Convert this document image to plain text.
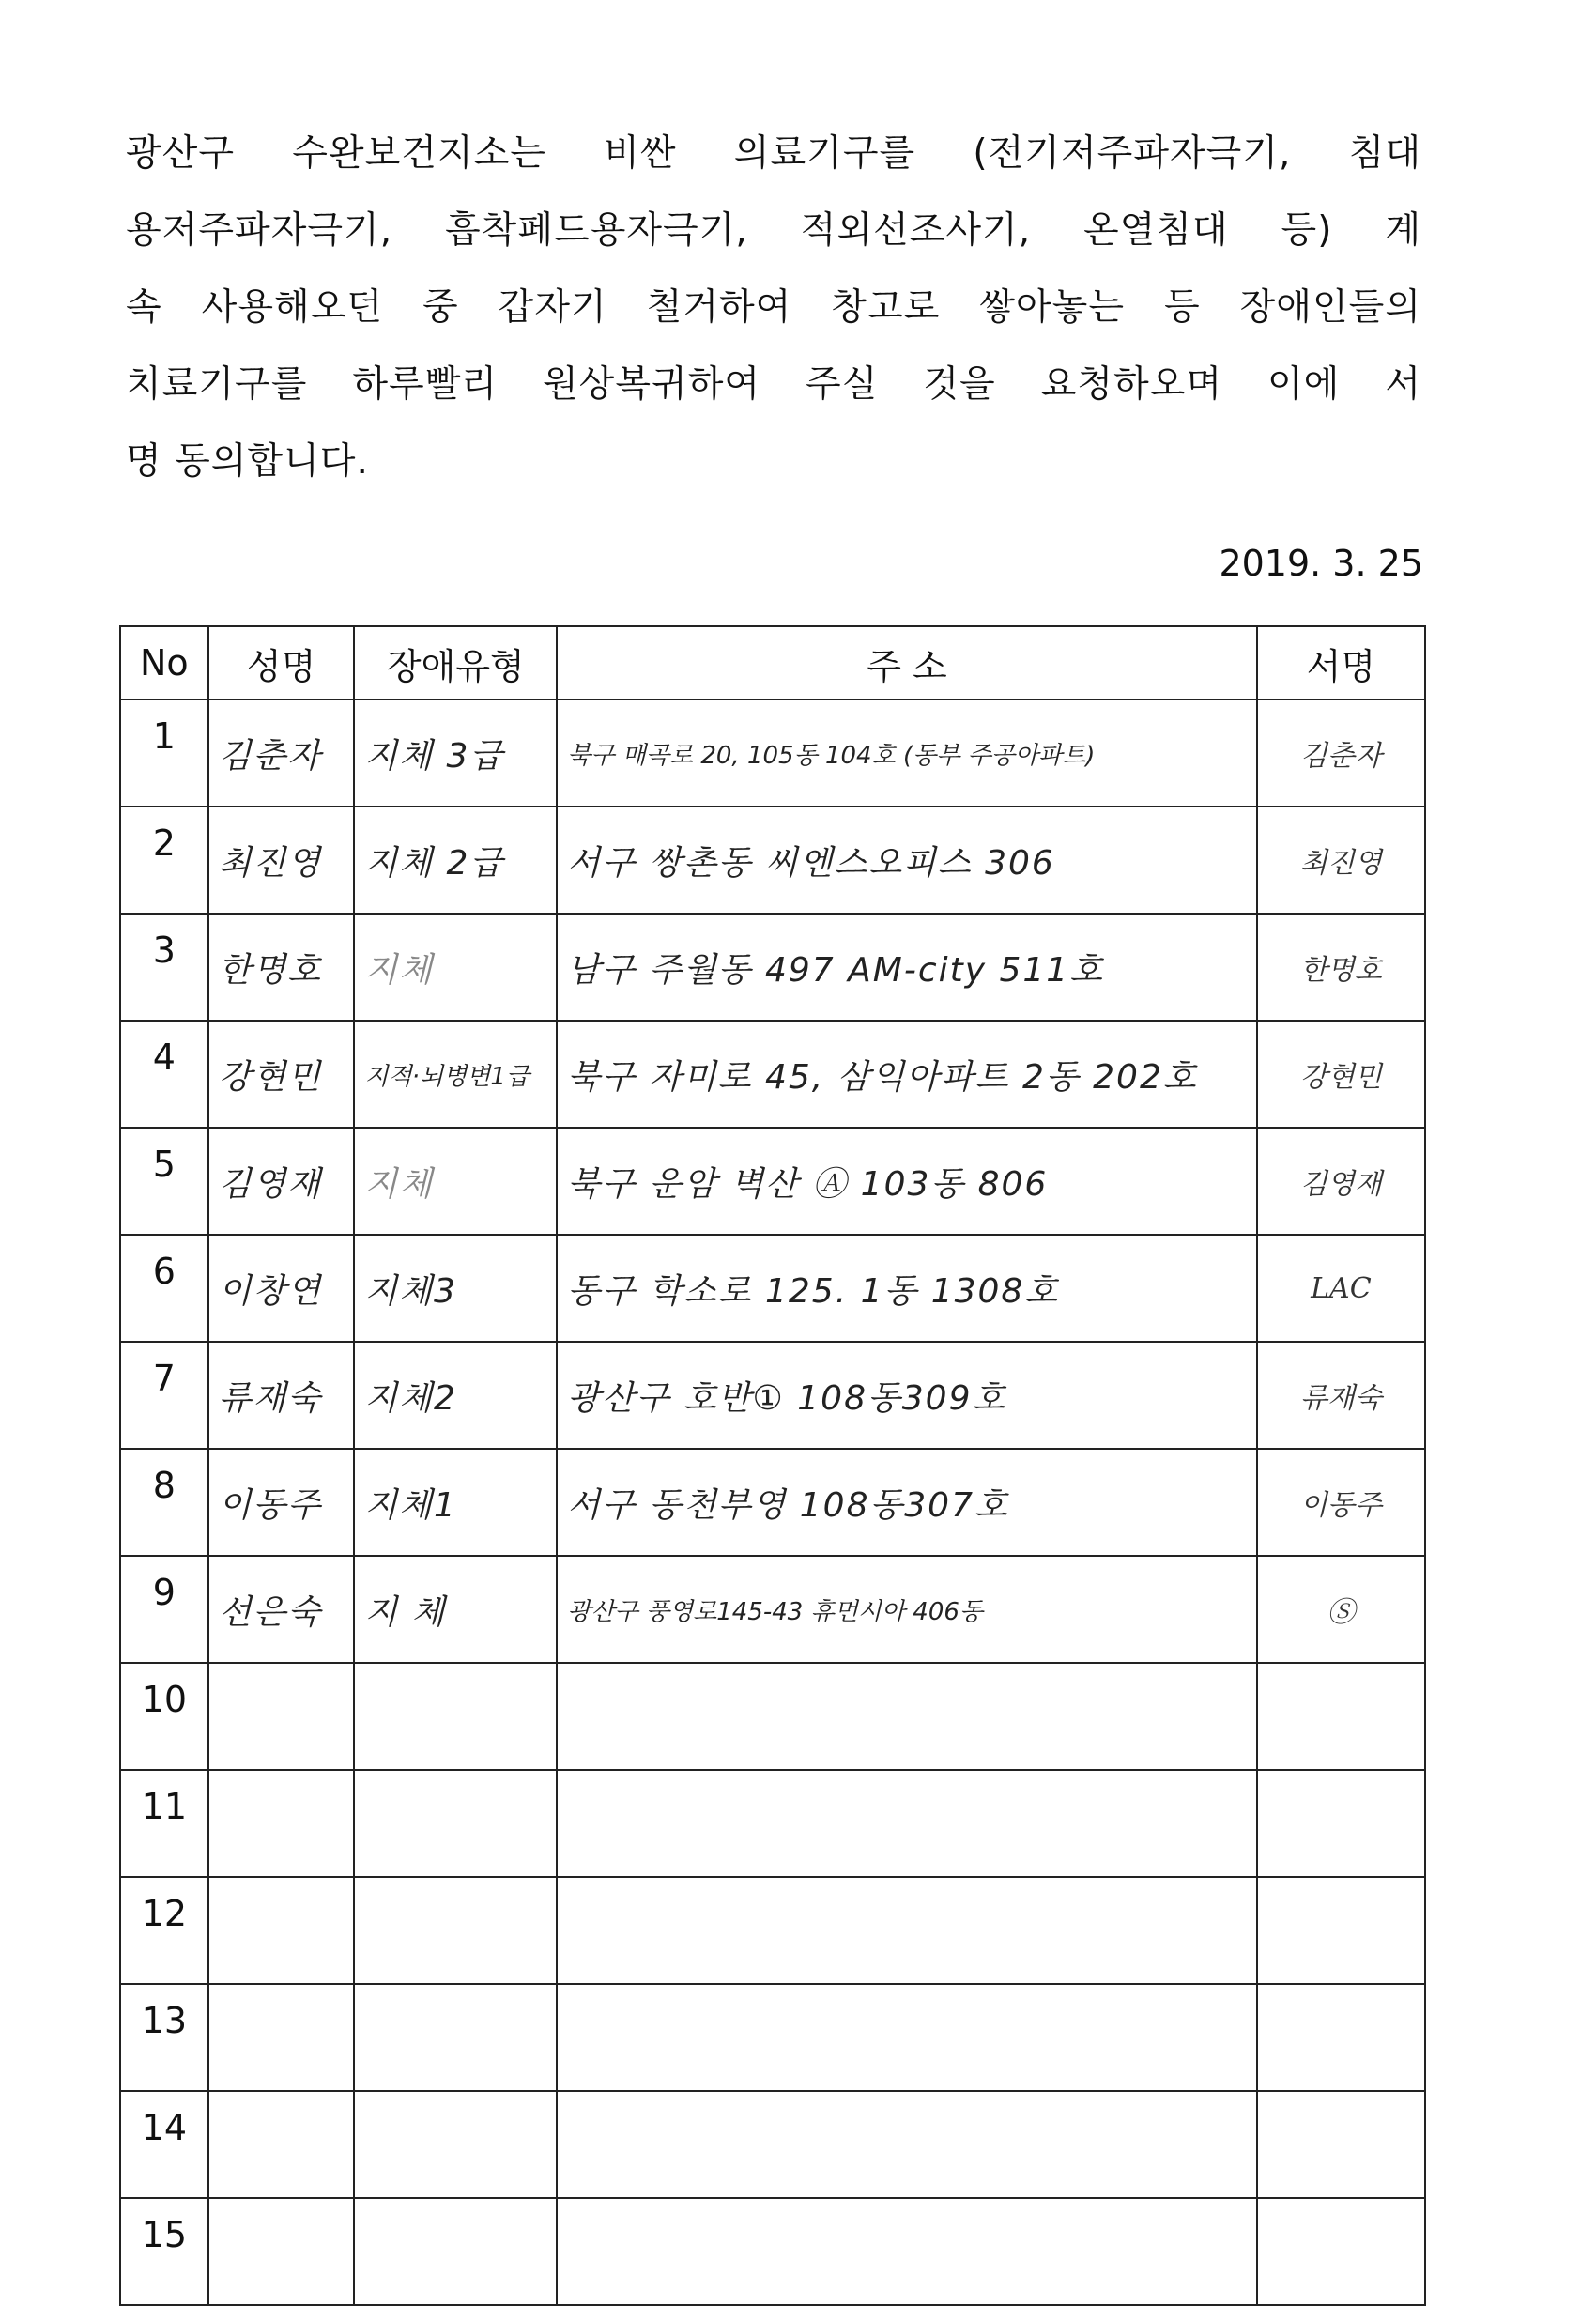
광산구 수완보건지소는 비싼 의료기구를 (전기저주파자극기, 침대
용저주파자극기, 흡착페드용자극기, 적외선조사기, 온열침대 등) 계
속 사용해오던 중 갑자기 철거하여 창고로 쌓아놓는 등 장애인들의
치료기구를 하루빨리 원상복귀하여 주실 것을 요청하오며 이에 서
명 동의합니다.
2019. 3. 25
No	성명	장애유형	주 소	서명
1	김춘자	지체 3급	북구 매곡로 20, 105동 104호 (동부 주공아파트)	김춘자
2	최진영	지체 2급	서구 쌍촌동 씨엔스오피스 306	최진영
3	한명호	지체	남구 주월동 497 AM-city 511호	한명호
4	강현민	지적·뇌병변1급	북구 자미로 45, 삼익아파트 2동 202호	강현민
5	김영재	지체	북구 운암 벽산 Ⓐ 103동 806	김영재
6	이창연	지체3	동구 학소로 125. 1동 1308호	LAC
7	류재숙	지체2	광산구 호반① 108동309호	류재숙
8	이동주	지체1	서구 동천부영 108동307호	이동주
9	선은숙	지 체	광산구 풍영로145-43 휴먼시아 406동	Ⓢ
10				
11				
12				
13				
14				
15				
